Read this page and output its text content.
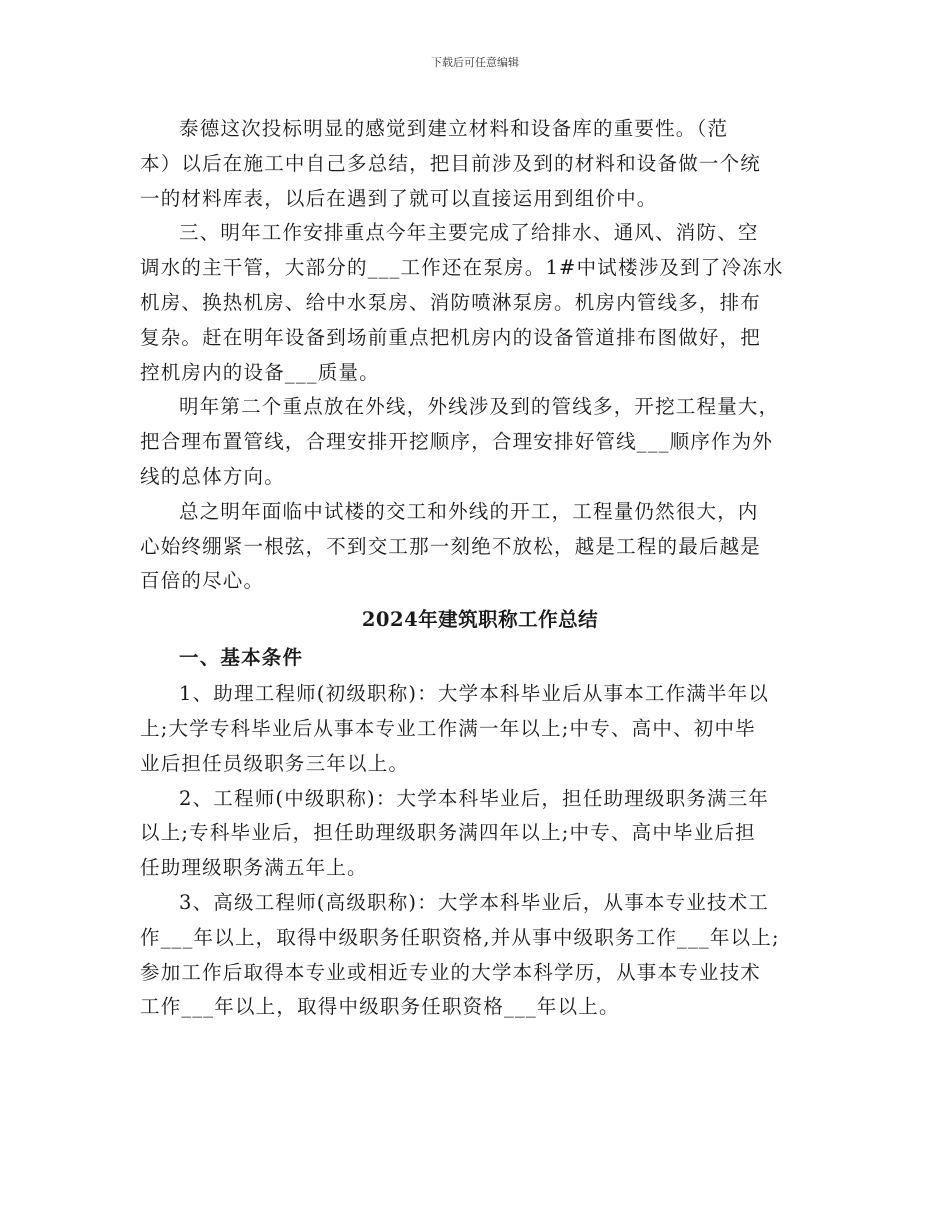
下载后可任意编辑
泰德这次投标明显的感觉到建立材料和设备库的重要性。（范
本）以后在施工中自己多总结，把目前涉及到的材料和设备做一个统
一的材料库表，以后在遇到了就可以直接运用到组价中。
三、明年工作安排重点今年主要完成了给排水、通风、消防、空
调水的主干管，大部分的___工作还在泵房。1#中试楼涉及到了冷冻水
机房、换热机房、给中水泵房、消防喷淋泵房。机房内管线多，排布
复杂。赶在明年设备到场前重点把机房内的设备管道排布图做好，把
控机房内的设备___质量。
明年第二个重点放在外线，外线涉及到的管线多，开挖工程量大，
把合理布置管线，合理安排开挖顺序，合理安排好管线___顺序作为外
线的总体方向。
总之明年面临中试楼的交工和外线的开工，工程量仍然很大，内
心始终绷紧一根弦，不到交工那一刻绝不放松，越是工程的最后越是
百倍的尽心。
2024年建筑职称工作总结
一、基本条件
1、助理工程师(初级职称)：大学本科毕业后从事本工作满半年以
上;大学专科毕业后从事本专业工作满一年以上;中专、高中、初中毕
业后担任员级职务三年以上。
2、工程师(中级职称)：大学本科毕业后，担任助理级职务满三年
以上;专科毕业后，担任助理级职务满四年以上;中专、高中毕业后担
任助理级职务满五年上。
3、高级工程师(高级职称)：大学本科毕业后，从事本专业技术工
作___年以上，取得中级职务任职资格,并从事中级职务工作___年以上;
参加工作后取得本专业或相近专业的大学本科学历，从事本专业技术
工作___年以上，取得中级职务任职资格___年以上。
